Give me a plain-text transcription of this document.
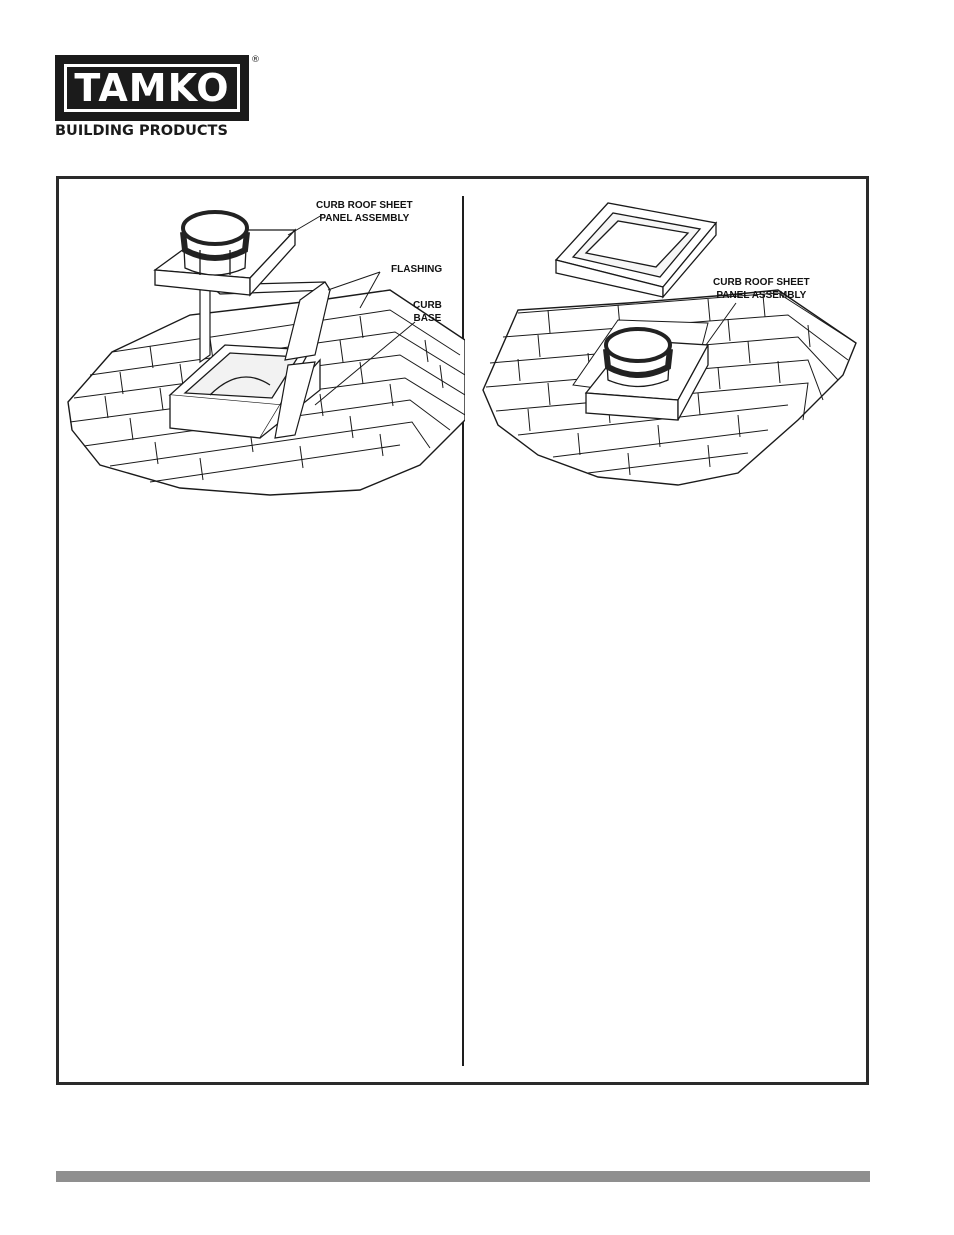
TAMKO
®
BUILDING PRODUCTS
CURB ROOF SHEET
PANEL ASSEMBLY
FLASHING
CURB
BASE
CURB ROOF SHEET
PANEL ASSEMBLY
